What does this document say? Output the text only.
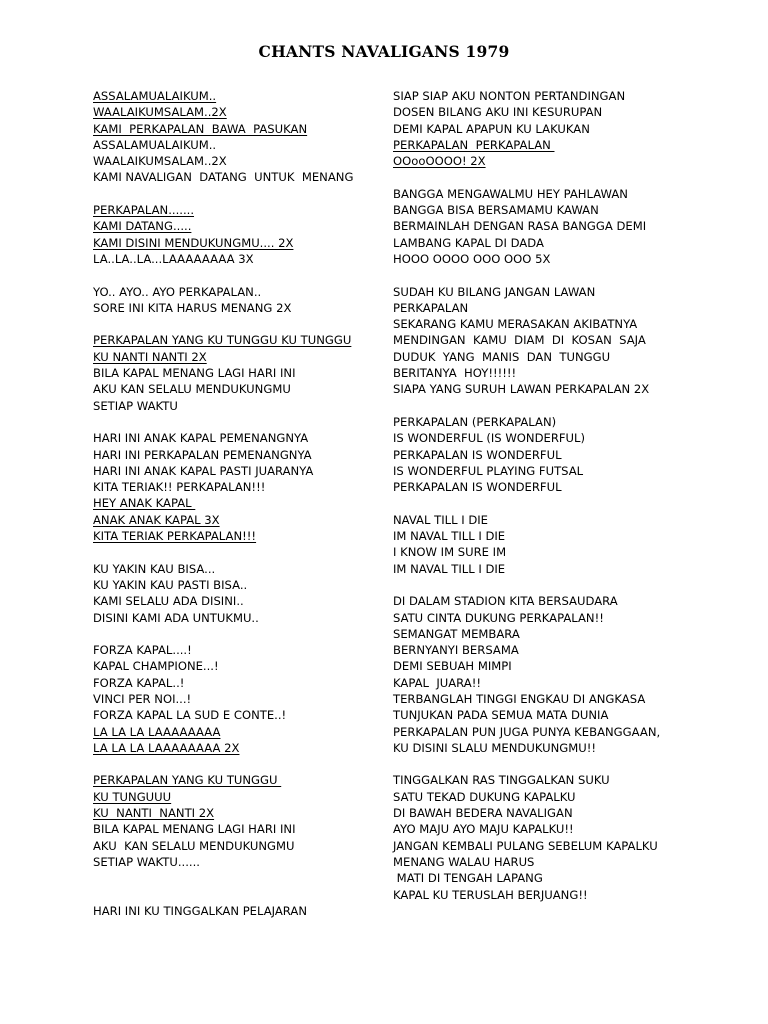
CHANTS NAVALIGANS 1979
ASSALAMUALAIKUM..
WAALAIKUMSALAM..2X
KAMI  PERKAPALAN  BAWA  PASUKAN
ASSALAMUALAIKUM..
WAALAIKUMSALAM..2X
KAMI NAVALIGAN  DATANG  UNTUK  MENANG
PERKAPALAN.......
KAMI DATANG.....
KAMI DISINI MENDUKUNGMU.... 2X
LA..LA..LA...LAAAAAAAA 3X
YO.. AYO.. AYO PERKAPALAN..
SORE INI KITA HARUS MENANG 2X
PERKAPALAN YANG KU TUNGGU KU TUNGGU
KU NANTI NANTI 2X
BILA KAPAL MENANG LAGI HARI INI
AKU KAN SELALU MENDUKUNGMU
SETIAP WAKTU
HARI INI ANAK KAPAL PEMENANGNYA
HARI INI PERKAPALAN PEMENANGNYA
HARI INI ANAK KAPAL PASTI JUARANYA
KITA TERIAK!! PERKAPALAN!!!
HEY ANAK KAPAL
ANAK ANAK KAPAL 3X
KITA TERIAK PERKAPALAN!!!
KU YAKIN KAU BISA...
KU YAKIN KAU PASTI BISA..
KAMI SELALU ADA DISINI..
DISINI KAMI ADA UNTUKMU..
FORZA KAPAL....!
KAPAL CHAMPIONE...!
FORZA KAPAL..!
VINCI PER NOI...!
FORZA KAPAL LA SUD E CONTE..!
LA LA LA LAAAAAAAA
LA LA LA LAAAAAAAA 2X
PERKAPALAN YANG KU TUNGGU
KU TUNGUUU
KU  NANTI  NANTI 2X
BILA KAPAL MENANG LAGI HARI INI
AKU  KAN SELALU MENDUKUNGMU
SETIAP WAKTU......
HARI INI KU TINGGALKAN PELAJARAN
SIAP SIAP AKU NONTON PERTANDINGAN
DOSEN BILANG AKU INI KESURUPAN
DEMI KAPAL APAPUN KU LAKUKAN
PERKAPALAN  PERKAPALAN
OOooOOOO! 2X
BANGGA MENGAWALMU HEY PAHLAWAN
BANGGA BISA BERSAMAMU KAWAN
BERMAINLAH DENGAN RASA BANGGA DEMI
LAMBANG KAPAL DI DADA
HOOO OOOO OOO OOO 5X
SUDAH KU BILANG JANGAN LAWAN
PERKAPALAN
SEKARANG KAMU MERASAKAN AKIBATNYA
MENDINGAN  KAMU  DIAM  DI  KOSAN  SAJA
DUDUK  YANG  MANIS  DAN  TUNGGU
BERITANYA  HOY!!!!!!
SIAPA YANG SURUH LAWAN PERKAPALAN 2X
PERKAPALAN (PERKAPALAN)
IS WONDERFUL (IS WONDERFUL)
PERKAPALAN IS WONDERFUL
IS WONDERFUL PLAYING FUTSAL
PERKAPALAN IS WONDERFUL
NAVAL TILL I DIE
IM NAVAL TILL I DIE
I KNOW IM SURE IM
IM NAVAL TILL I DIE
DI DALAM STADION KITA BERSAUDARA
SATU CINTA DUKUNG PERKAPALAN!!
SEMANGAT MEMBARA
BERNYANYI BERSAMA
DEMI SEBUAH MIMPI
KAPAL  JUARA!!
TERBANGLAH TINGGI ENGKAU DI ANGKASA
TUNJUKAN PADA SEMUA MATA DUNIA
PERKAPALAN PUN JUGA PUNYA KEBANGGAAN,
KU DISINI SLALU MENDUKUNGMU!!
TINGGALKAN RAS TINGGALKAN SUKU
SATU TEKAD DUKUNG KAPALKU
DI BAWAH BEDERA NAVALIGAN
AYO MAJU AYO MAJU KAPALKU!!
JANGAN KEMBALI PULANG SEBELUM KAPALKU
MENANG WALAU HARUS
MATI DI TENGAH LAPANG
KAPAL KU TERUSLAH BERJUANG!!
